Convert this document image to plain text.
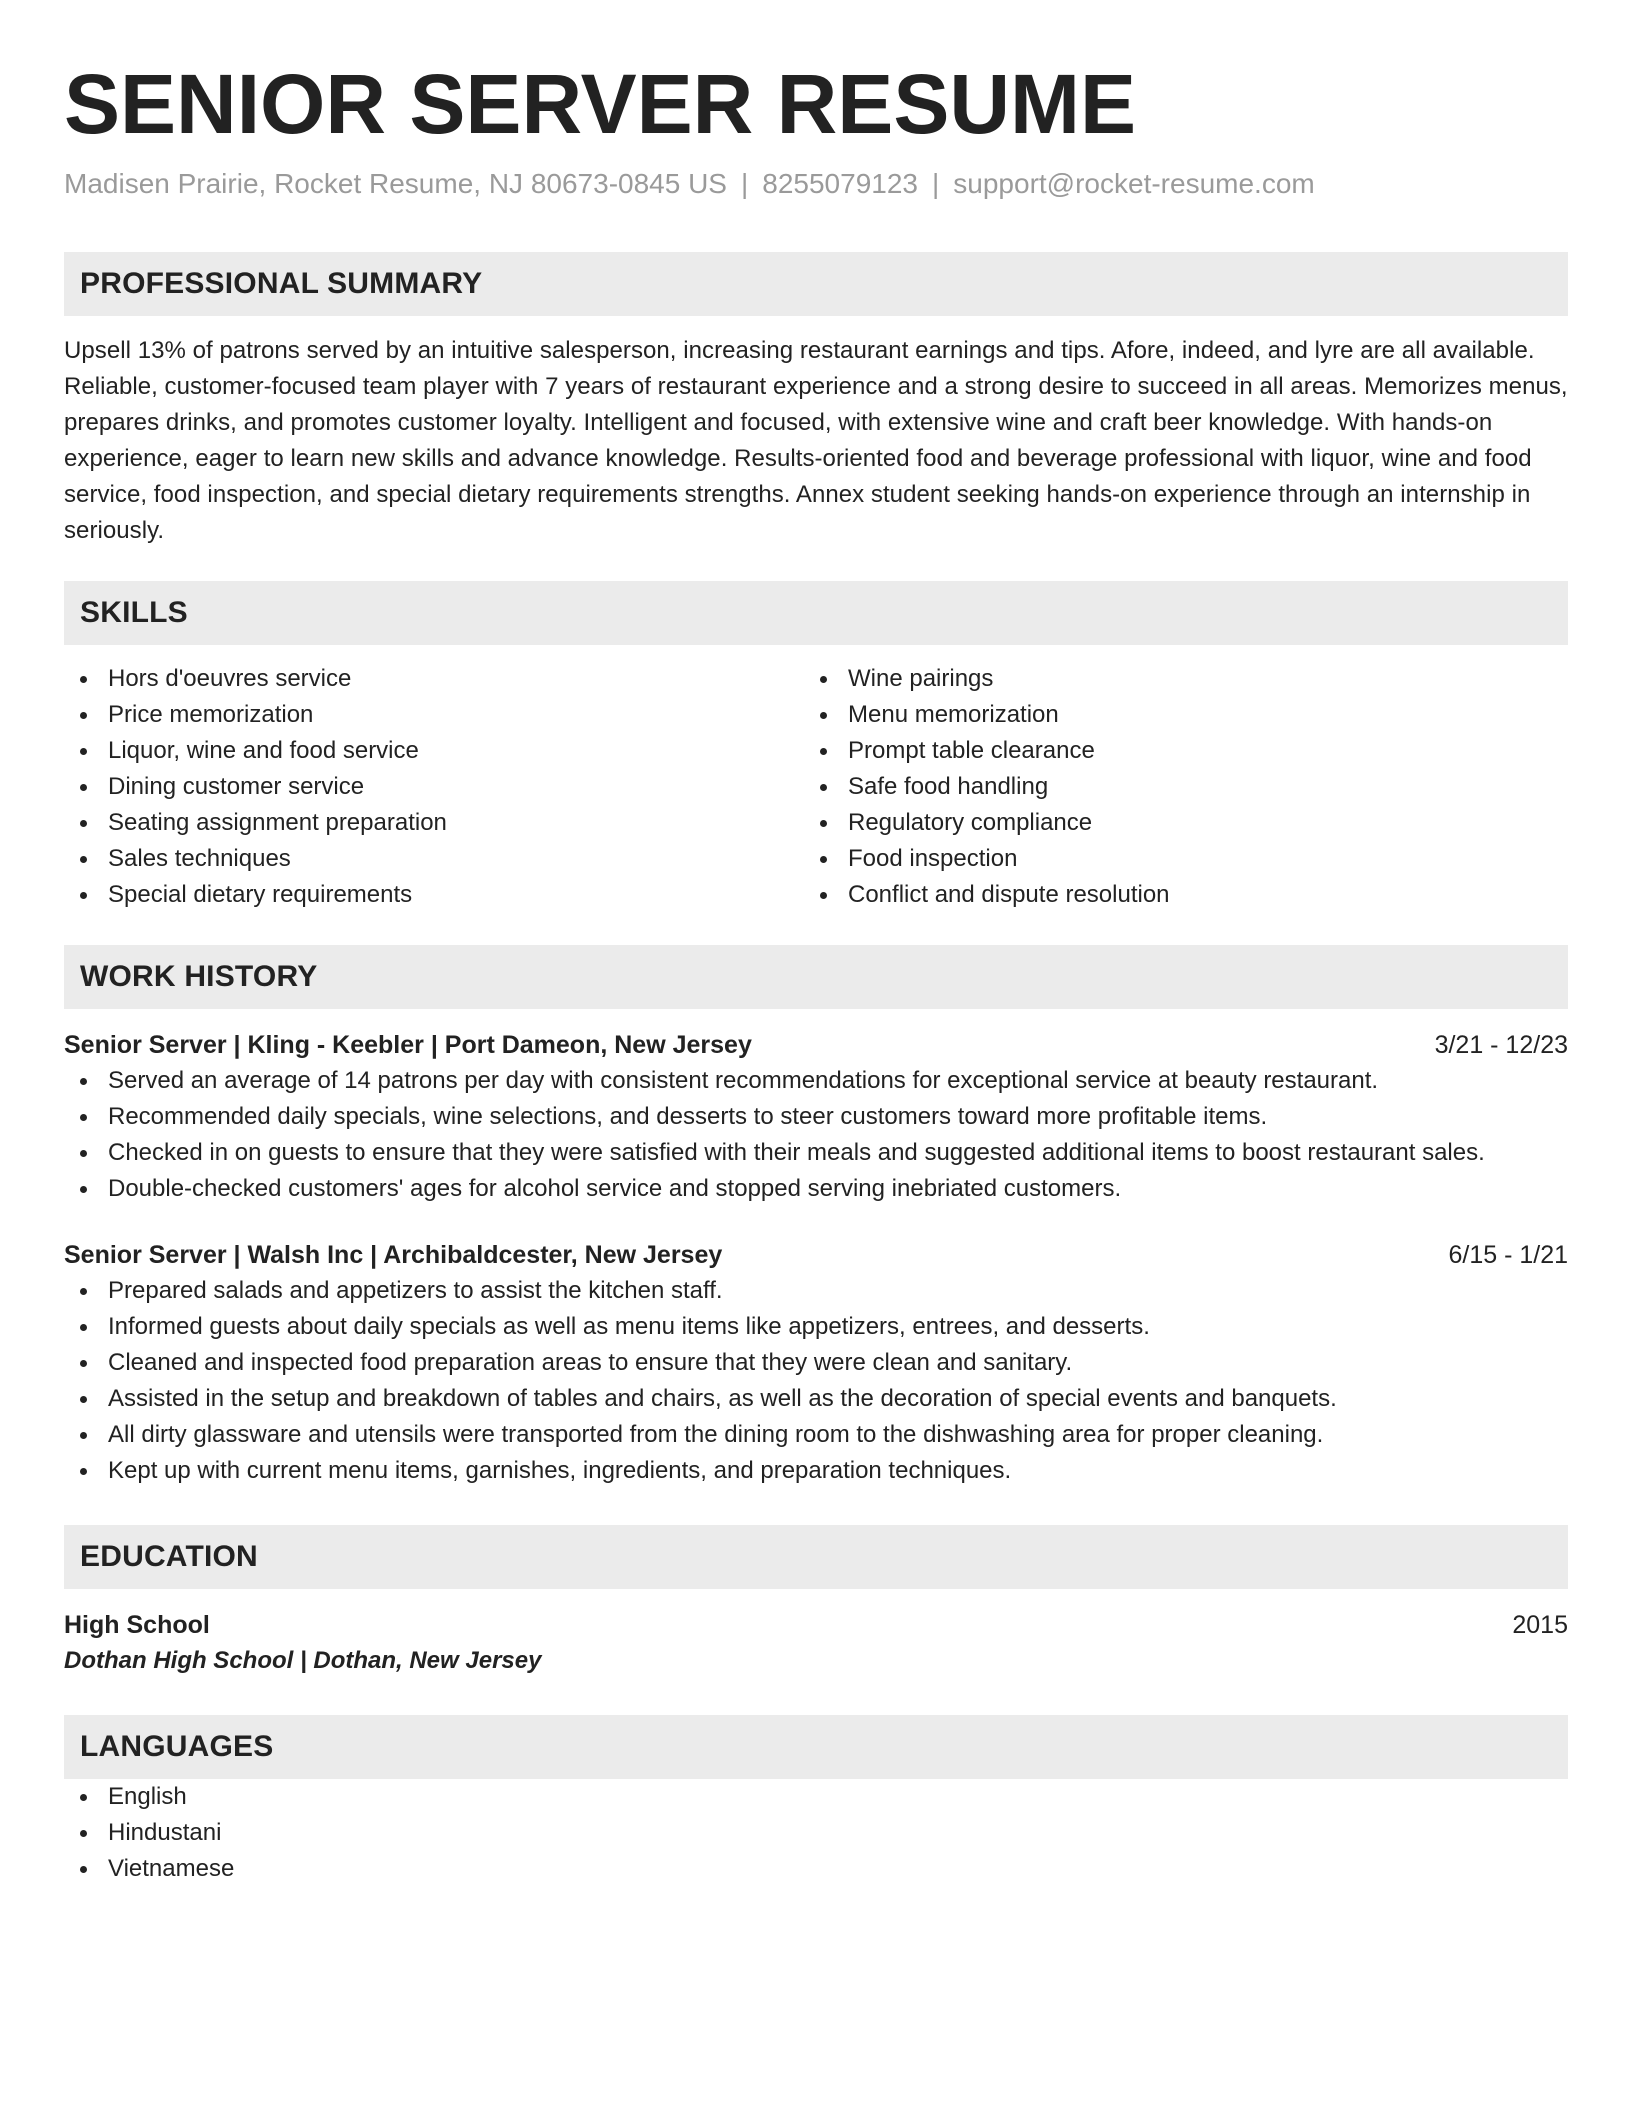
SENIOR SERVER RESUME
Madisen Prairie, Rocket Resume, NJ 80673-0845 US | 8255079123 | support@rocket-resume.com
PROFESSIONAL SUMMARY

Upsell 13% of patrons served by an intuitive salesperson, increasing restaurant earnings and tips. Afore, indeed, and lyre are all available. Reliable, customer-focused team player with 7 years of restaurant experience and a strong desire to succeed in all areas. Memorizes menus, prepares drinks, and promotes customer loyalty. Intelligent and focused, with extensive wine and craft beer knowledge. With hands-on experience, eager to learn new skills and advance knowledge. Results-oriented food and beverage professional with liquor, wine and food service, food inspection, and special dietary requirements strengths. Annex student seeking hands-on experience through an internship in seriously.

SKILLS
Hors d'oeuvres service
Price memorization
Liquor, wine and food service
Dining customer service
Seating assignment preparation
Sales techniques
Special dietary requirements
Wine pairings
Menu memorization
Prompt table clearance
Safe food handling
Regulatory compliance
Food inspection
Conflict and dispute resolution
WORK HISTORY
Senior Server | Kling - Keebler | Port Dameon, New Jersey	3/21 - 12/23
Served an average of 14 patrons per day with consistent recommendations for exceptional service at beauty restaurant.
Recommended daily specials, wine selections, and desserts to steer customers toward more profitable items.
Checked in on guests to ensure that they were satisfied with their meals and suggested additional items to boost restaurant sales.
Double-checked customers' ages for alcohol service and stopped serving inebriated customers.
Senior Server | Walsh Inc | Archibaldcester, New Jersey	6/15 - 1/21
Prepared salads and appetizers to assist the kitchen staff.
Informed guests about daily specials as well as menu items like appetizers, entrees, and desserts.
Cleaned and inspected food preparation areas to ensure that they were clean and sanitary.
Assisted in the setup and breakdown of tables and chairs, as well as the decoration of special events and banquets.
All dirty glassware and utensils were transported from the dining room to the dishwashing area for proper cleaning.
Kept up with current menu items, garnishes, ingredients, and preparation techniques.
EDUCATION
High School	2015
Dothan High School | Dothan, New Jersey
LANGUAGES
English
Hindustani
Vietnamese
